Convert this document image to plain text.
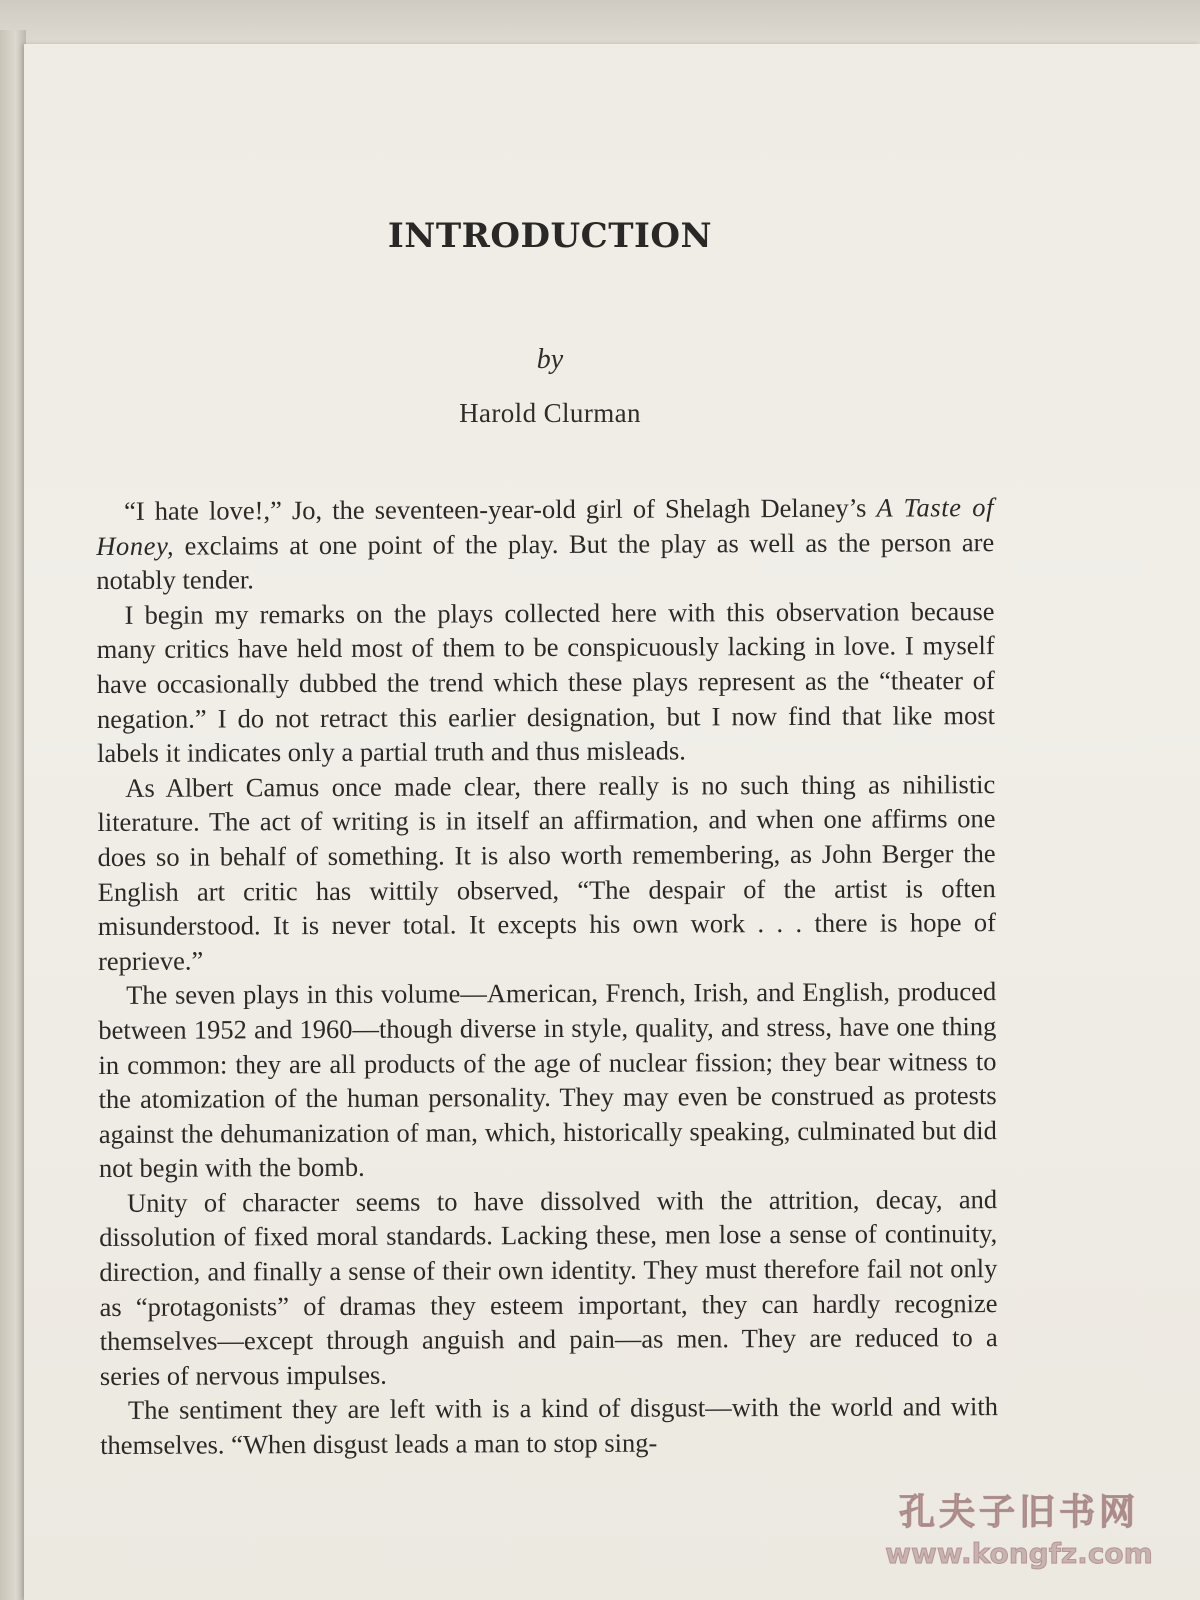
INTRODUCTION
by
Harold Clurman

“I hate love!,” Jo, the seventeen-year-old girl of Shelagh Delaney’s A Taste of Honey, exclaims at one point of the play. But the play as well as the person are notably tender.

I begin my remarks on the plays collected here with this observation because many critics have held most of them to be conspicuously lacking in love. I myself have occasionally dubbed the trend which these plays represent as the “theater of negation.” I do not retract this earlier designation, but I now find that like most labels it indicates only a partial truth and thus misleads.

As Albert Camus once made clear, there really is no such thing as nihilistic literature. The act of writing is in itself an affirmation, and when one affirms one does so in behalf of something. It is also worth remembering, as John Berger the English art critic has wittily observed, “The despair of the artist is often misunderstood. It is never total. It excepts his own work . . . there is hope of reprieve.”

The seven plays in this volume—American, French, Irish, and English, produced between 1952 and 1960—though diverse in style, quality, and stress, have one thing in common: they are all products of the age of nuclear fission; they bear witness to the atomization of the human personality. They may even be construed as protests against the dehumanization of man, which, historically speaking, culminated but did not begin with the bomb.

Unity of character seems to have dissolved with the attrition, decay, and dissolution of fixed moral standards. Lacking these, men lose a sense of continuity, direction, and finally a sense of their own identity. They must therefore fail not only as “protagonists” of dramas they esteem important, they can hardly recognize themselves—except through anguish and pain—as men. They are reduced to a series of nervous impulses.

The sentiment they are left with is a kind of disgust—with the world and with themselves. “When disgust leads a man to stop sing-

孔夫子旧书网
www.kongfz.com
